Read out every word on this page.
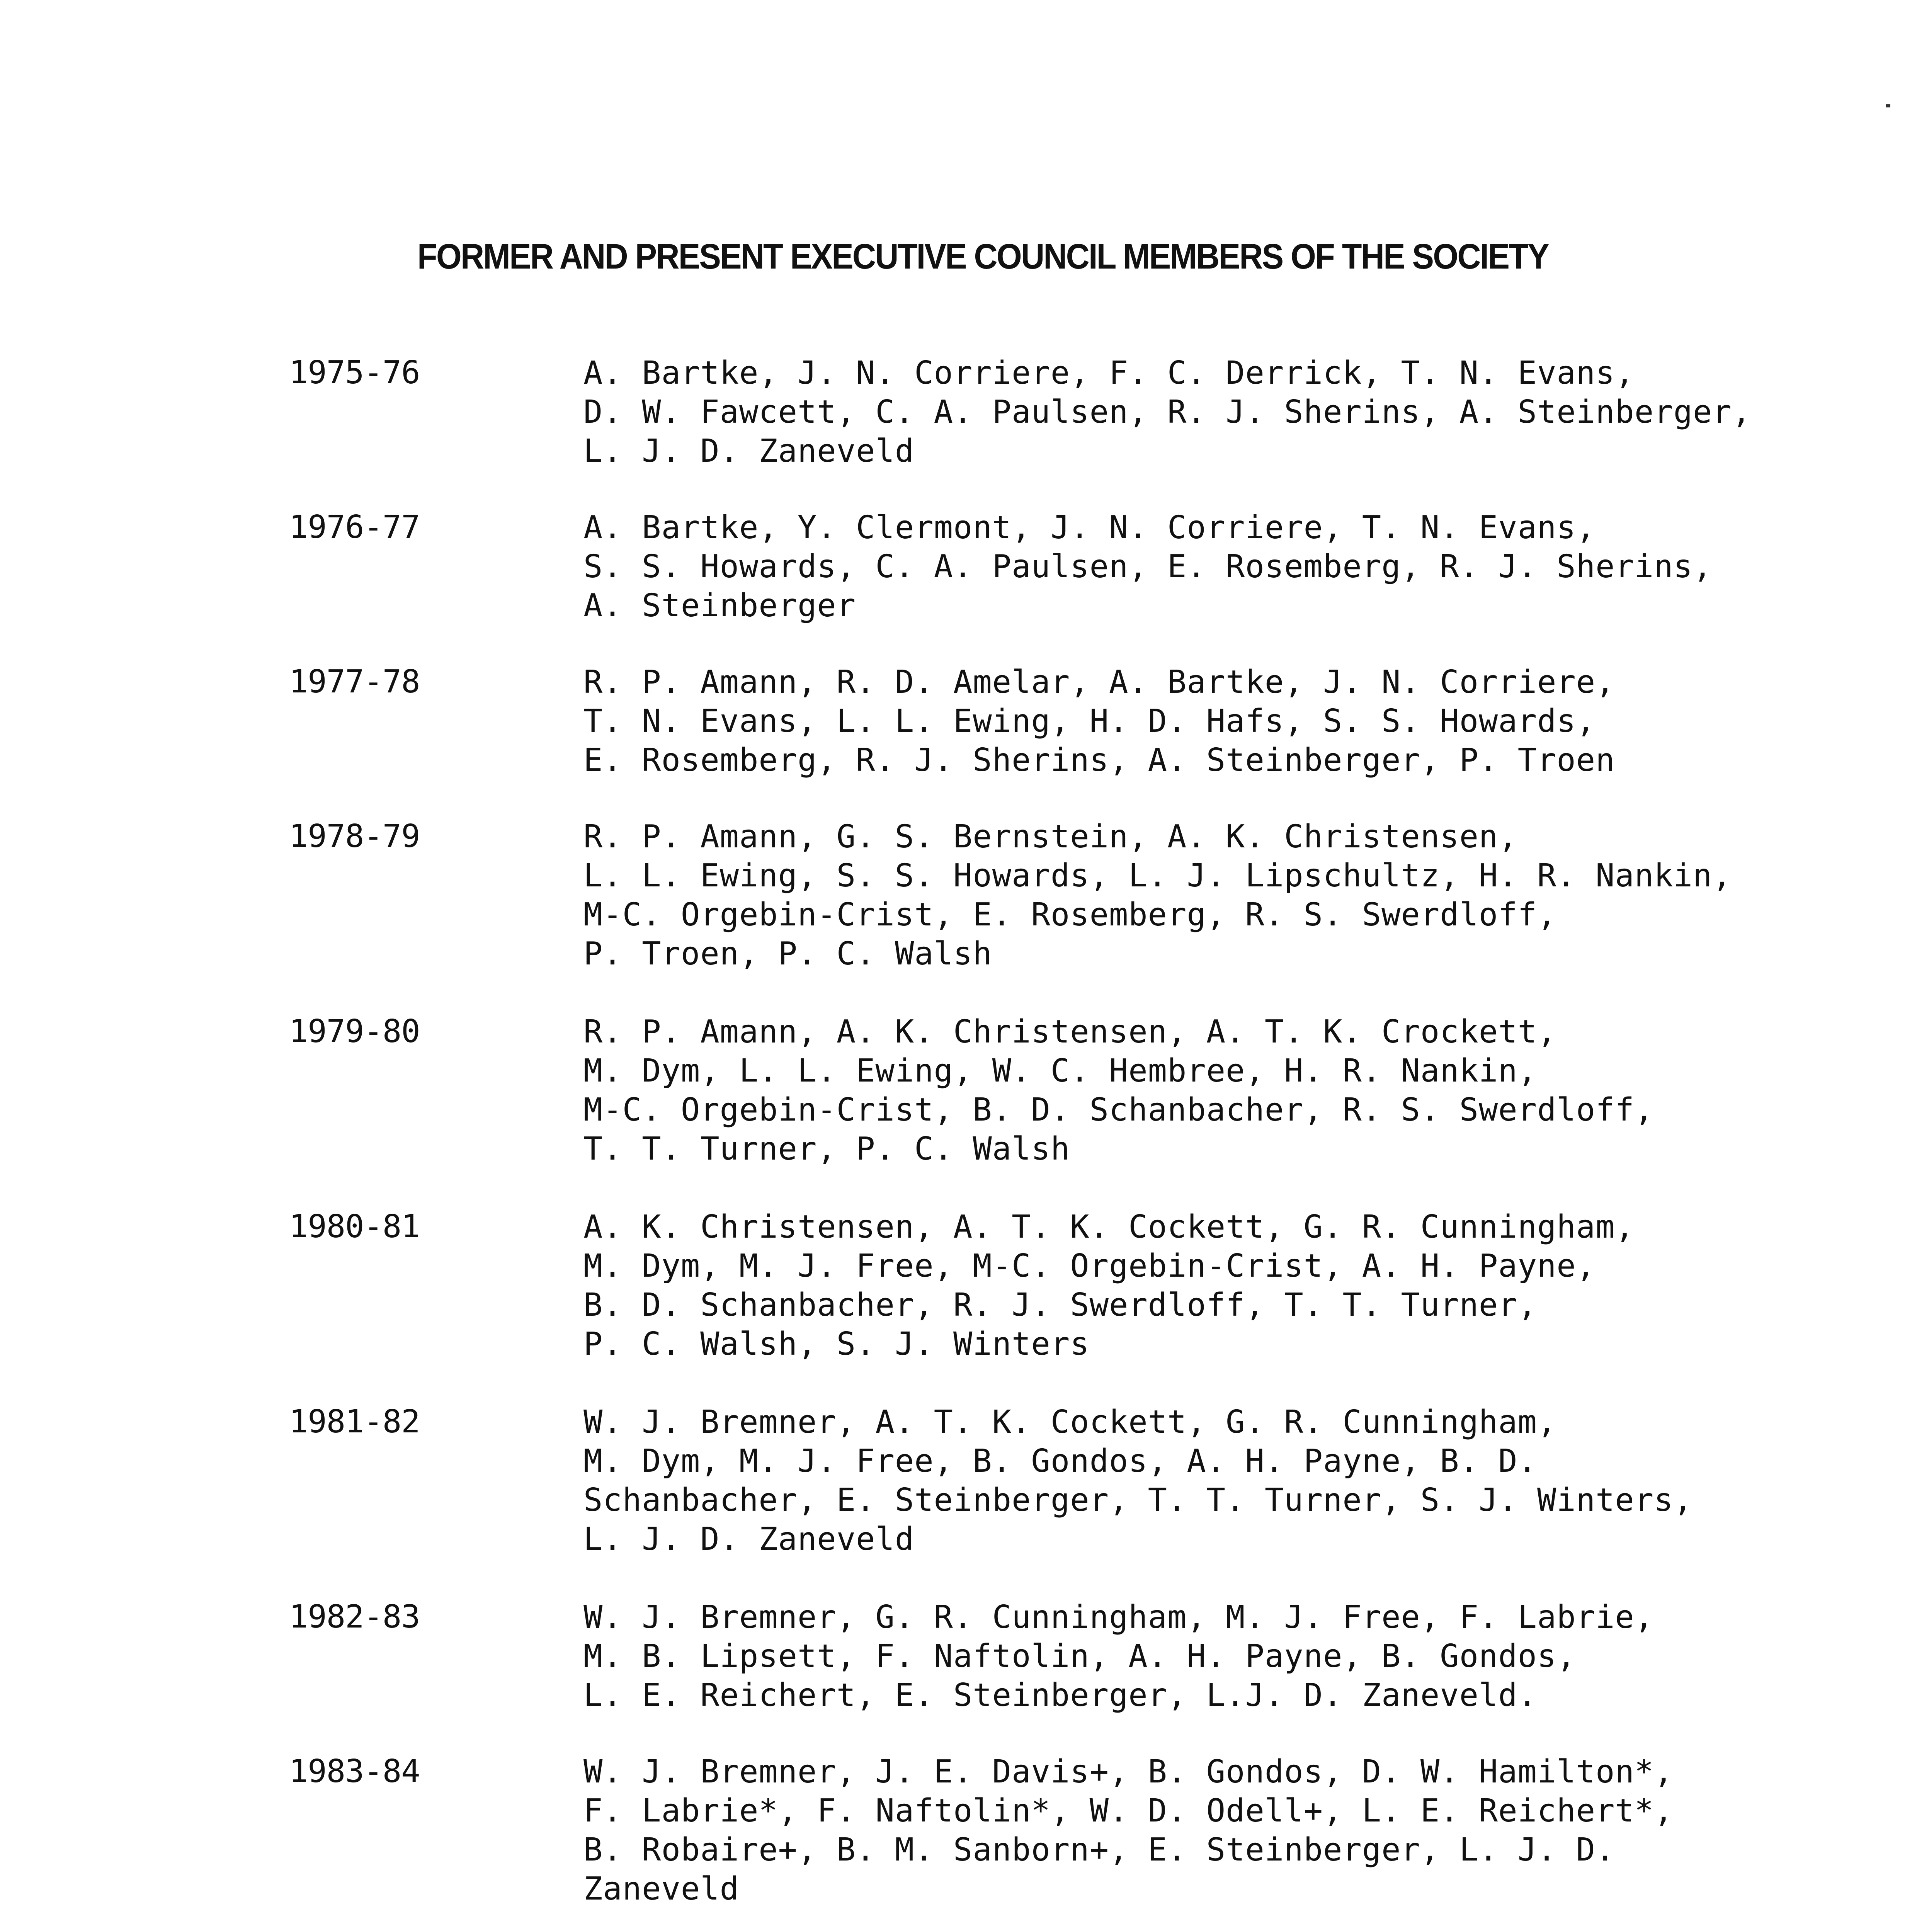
FORMER AND PRESENT EXECUTIVE COUNCIL MEMBERS OF THE SOCIETY
1975-76	A. Bartke, J. N. Corriere, F. C. Derrick, T. N. Evans,
D. W. Fawcett, C. A. Paulsen, R. J. Sherins, A. Steinberger,
L. J. D. Zaneveld
1976-77	A. Bartke, Y. Clermont, J. N. Corriere, T. N. Evans,
S. S. Howards, C. A. Paulsen, E. Rosemberg, R. J. Sherins,
A. Steinberger
1977-78	R. P. Amann, R. D. Amelar, A. Bartke, J. N. Corriere,
T. N. Evans, L. L. Ewing, H. D. Hafs, S. S. Howards,
E. Rosemberg, R. J. Sherins, A. Steinberger, P. Troen
1978-79	R. P. Amann, G. S. Bernstein, A. K. Christensen,
L. L. Ewing, S. S. Howards, L. J. Lipschultz, H. R. Nankin,
M-C. Orgebin-Crist, E. Rosemberg, R. S. Swerdloff,
P. Troen, P. C. Walsh
1979-80	R. P. Amann, A. K. Christensen, A. T. K. Crockett,
M. Dym, L. L. Ewing, W. C. Hembree, H. R. Nankin,
M-C. Orgebin-Crist, B. D. Schanbacher, R. S. Swerdloff,
T. T. Turner, P. C. Walsh
1980-81	A. K. Christensen, A. T. K. Cockett, G. R. Cunningham,
M. Dym, M. J. Free, M-C. Orgebin-Crist, A. H. Payne,
B. D. Schanbacher, R. J. Swerdloff, T. T. Turner,
P. C. Walsh, S. J. Winters
1981-82	W. J. Bremner, A. T. K. Cockett, G. R. Cunningham,
M. Dym, M. J. Free, B. Gondos, A. H. Payne, B. D.
Schanbacher, E. Steinberger, T. T. Turner, S. J. Winters,
L. J. D. Zaneveld
1982-83	W. J. Bremner, G. R. Cunningham, M. J. Free, F. Labrie,
M. B. Lipsett, F. Naftolin, A. H. Payne, B. Gondos,
L. E. Reichert, E. Steinberger, L.J. D. Zaneveld.
1983-84	W. J. Bremner, J. E. Davis+, B. Gondos, D. W. Hamilton*,
F. Labrie*, F. Naftolin*, W. D. Odell+, L. E. Reichert*,
B. Robaire+, B. M. Sanborn+, E. Steinberger, L. J. D.
Zaneveld
